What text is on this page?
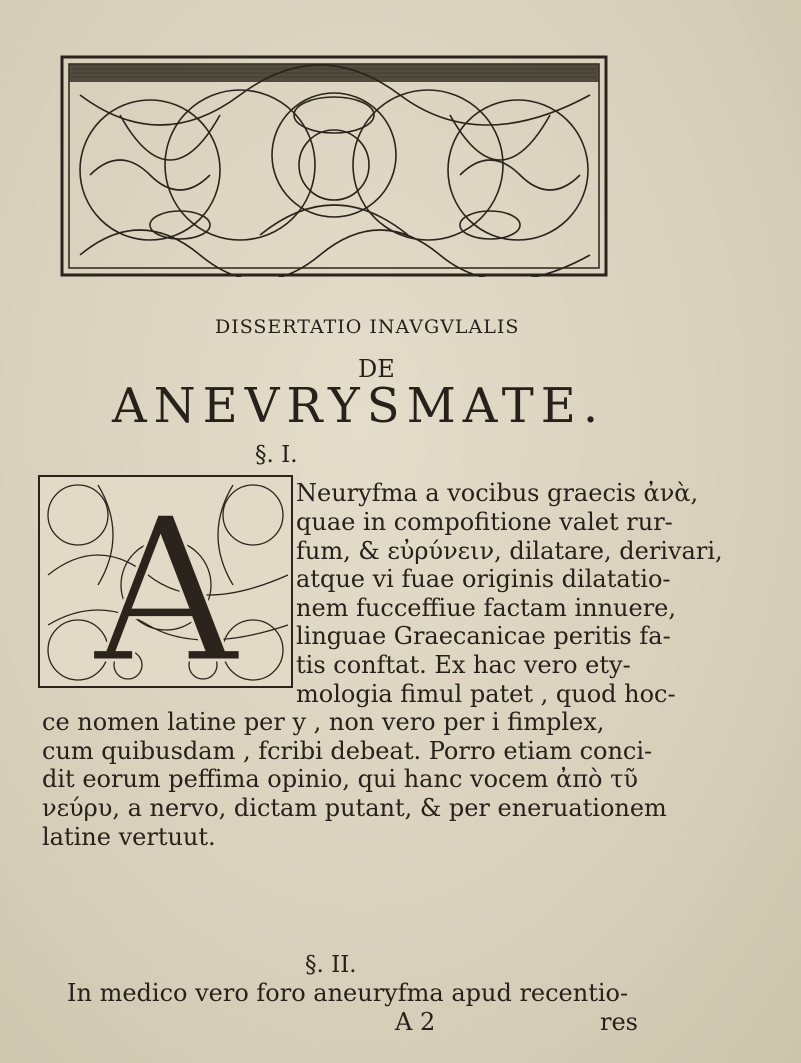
DISSERTATIO INAVGVLALIS
DE
ANEVRYSMATE.
§. I.
A Neuryfma a vocibus graecis ἀνὰ,
quae in compofitione valet rur-
fum, & εὐρύνειν, dilatare, derivari,
atque vi fuae originis dilatatio-
nem fucceffiue factam innuere,
linguae Graecanicae peritis fa-
tis conftat. Ex hac vero ety-
mologia fimul patet , quod hoc-
ce nomen latine per y , non vero per i fimplex,
cum quibusdam , fcribi debeat. Porro etiam conci-
dit eorum peffima opinio, qui hanc vocem ἀπὸ τῦ
νεύρυ, a nervo, dictam putant, & per eneruationem
latine vertuut.
§. II.
In medico vero foro aneuryfma apud recentio-
A 2	res
